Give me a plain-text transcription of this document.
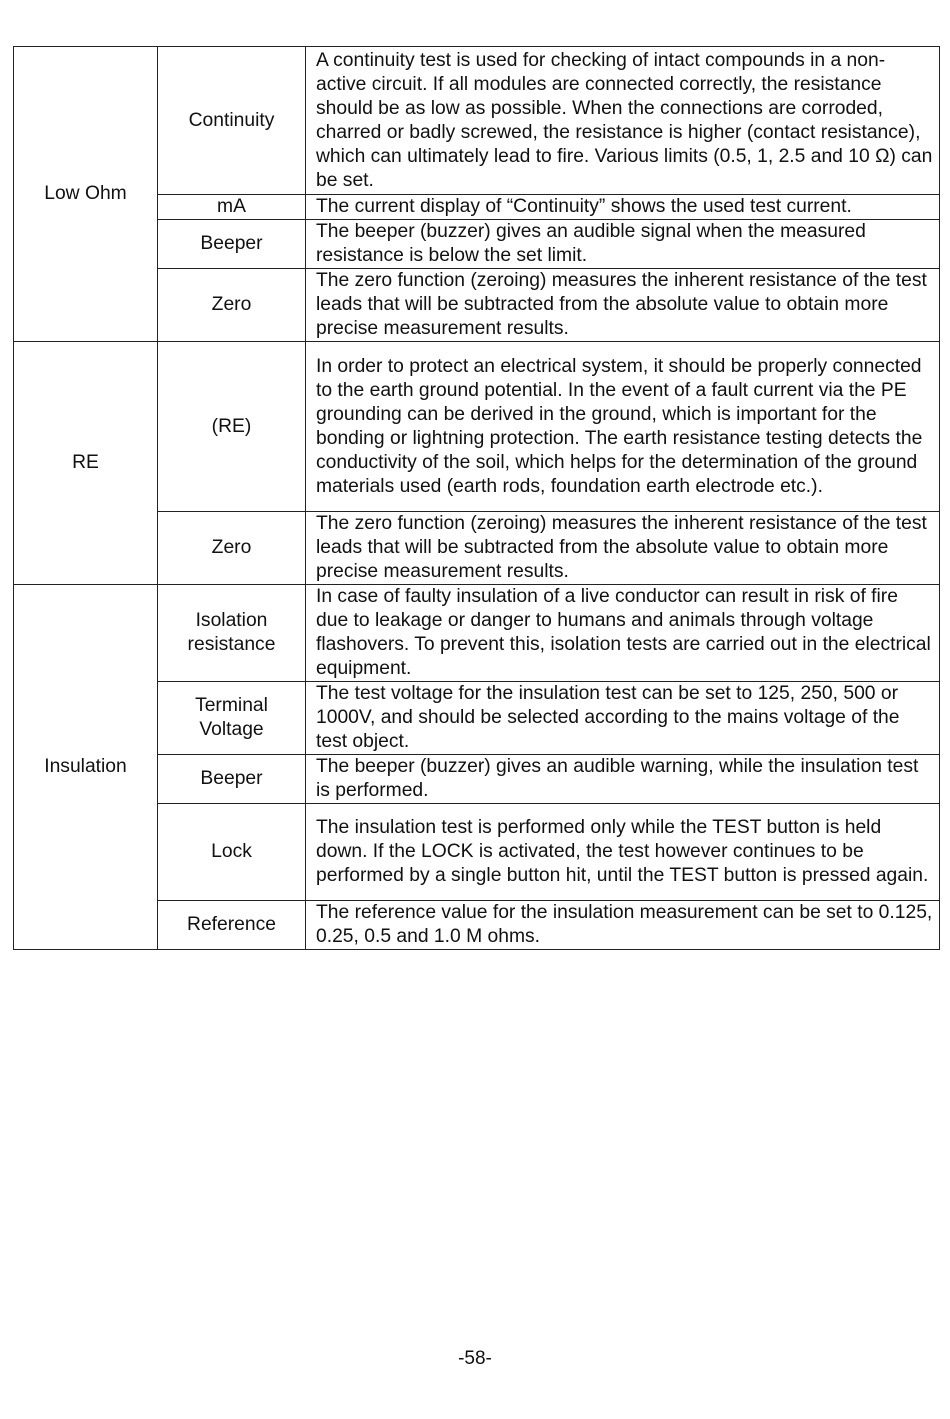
Low Ohm	Continuity	A continuity test is used for checking of intact compounds in a non-active circuit. If all modules are connected correctly, the resistance should be as low as possible. When the connections are corroded, charred or badly screwed, the resistance is higher (contact resistance), which can ultimately lead to fire. Various limits (0.5, 1, 2.5 and 10 Ω) can be set.
	mA	The current display of “Continuity” shows the used test current.
	Beeper	The beeper (buzzer) gives an audible signal when the measured resistance is below the set limit.
	Zero	The zero function (zeroing) measures the inherent resistance of the test leads that will be subtracted from the absolute value to obtain more precise measurement results.
RE	(RE)	In order to protect an electrical system, it should be properly connected to the earth ground potential. In the event of a fault current via the PE grounding can be derived in the ground, which is important for the bonding or lightning protection. The earth resistance testing detects the conductivity of the soil, which helps for the determination of the ground materials used (earth rods, foundation earth electrode etc.).
	Zero	The zero function (zeroing) measures the inherent resistance of the test leads that will be subtracted from the absolute value to obtain more precise measurement results.
Insulation	Isolation resistance	In case of faulty insulation of a live conductor can result in risk of fire due to leakage or danger to humans and animals through voltage flashovers. To prevent this, isolation tests are carried out in the electrical equipment.
	Terminal Voltage	The test voltage for the insulation test can be set to 125, 250, 500 or 1000V, and should be selected according to the mains voltage of the test object.
	Beeper	The beeper (buzzer) gives an audible warning, while the insulation test is performed.
	Lock	The insulation test is performed only while the TEST button is held down. If the LOCK is activated, the test however continues to be performed by a single button hit, until the TEST button is pressed again.
	Reference	The reference value for the insulation measurement can be set to 0.125, 0.25, 0.5 and 1.0 M ohms.
-58-
